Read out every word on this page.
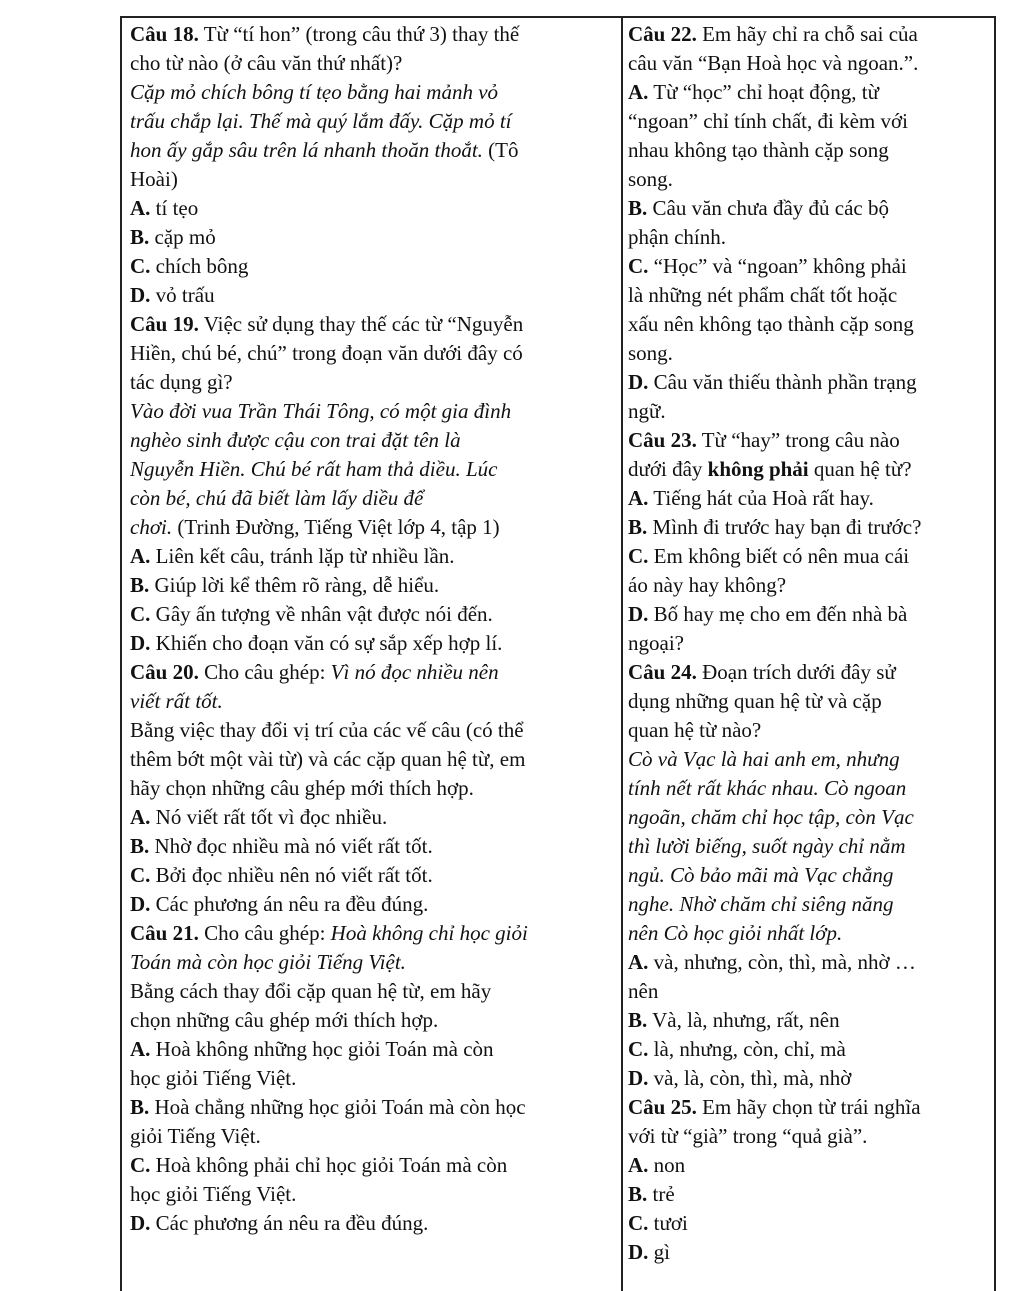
Câu 18. Từ “tí hon” (trong câu thứ 3) thay thế
cho từ nào (ở câu văn thứ nhất)?
Cặp mỏ chích bông tí tẹo bằng hai mảnh vỏ
trấu chắp lại. Thế mà quý lắm đấy. Cặp mỏ tí
hon ấy gắp sâu trên lá nhanh thoăn thoắt. (Tô
Hoài)
A. tí tẹo
B. cặp mỏ
C. chích bông
D. vỏ trấu
Câu 19. Việc sử dụng thay thế các từ “Nguyễn
Hiền, chú bé, chú” trong đoạn văn dưới đây có
tác dụng gì?
Vào đời vua Trần Thái Tông, có một gia đình
nghèo sinh được cậu con trai đặt tên là
Nguyễn Hiền. Chú bé rất ham thả diều. Lúc
còn bé, chú đã biết làm lấy diều để
chơi. (Trinh Đường, Tiếng Việt lớp 4, tập 1)
A. Liên kết câu, tránh lặp từ nhiều lần.
B. Giúp lời kể thêm rõ ràng, dễ hiểu.
C. Gây ấn tượng về nhân vật được nói đến.
D. Khiến cho đoạn văn có sự sắp xếp hợp lí.
Câu 20. Cho câu ghép: Vì nó đọc nhiều nên
viết rất tốt.
Bằng việc thay đổi vị trí của các vế câu (có thể
thêm bớt một vài từ) và các cặp quan hệ từ, em
hãy chọn những câu ghép mới thích hợp.
A. Nó viết rất tốt vì đọc nhiều.
B. Nhờ đọc nhiều mà nó viết rất tốt.
C. Bởi đọc nhiều nên nó viết rất tốt.
D. Các phương án nêu ra đều đúng.
Câu 21. Cho câu ghép: Hoà không chỉ học giỏi
Toán mà còn học giỏi Tiếng Việt.
Bằng cách thay đổi cặp quan hệ từ, em hãy
chọn những câu ghép mới thích hợp.
A. Hoà không những học giỏi Toán mà còn
học giỏi Tiếng Việt.
B. Hoà chẳng những học giỏi Toán mà còn học
giỏi Tiếng Việt.
C. Hoà không phải chỉ học giỏi Toán mà còn
học giỏi Tiếng Việt.
D. Các phương án nêu ra đều đúng.
Câu 22. Em hãy chỉ ra chỗ sai của
câu văn “Bạn Hoà học và ngoan.”.
A. Từ “học” chỉ hoạt động, từ
“ngoan” chỉ tính chất, đi kèm với
nhau không tạo thành cặp song
song.
B. Câu văn chưa đầy đủ các bộ
phận chính.
C. “Học” và “ngoan” không phải
là những nét phẩm chất tốt hoặc
xấu nên không tạo thành cặp song
song.
D. Câu văn thiếu thành phần trạng
ngữ.
Câu 23. Từ “hay” trong câu nào
dưới đây không phải quan hệ từ?
A. Tiếng hát của Hoà rất hay.
B. Mình đi trước hay bạn đi trước?
C. Em không biết có nên mua cái
áo này hay không?
D. Bố hay mẹ cho em đến nhà bà
ngoại?
Câu 24. Đoạn trích dưới đây sử
dụng những quan hệ từ và cặp
quan hệ từ nào?
Cò và Vạc là hai anh em, nhưng
tính nết rất khác nhau. Cò ngoan
ngoãn, chăm chỉ học tập, còn Vạc
thì lười biếng, suốt ngày chỉ nằm
ngủ. Cò bảo mãi mà Vạc chẳng
nghe. Nhờ chăm chỉ siêng năng
nên Cò học giỏi nhất lớp.
A. và, nhưng, còn, thì, mà, nhờ …
nên
B. Và, là, nhưng, rất, nên
C. là, nhưng, còn, chỉ, mà
D. và, là, còn, thì, mà, nhờ
Câu 25. Em hãy chọn từ trái nghĩa
với từ “già” trong “quả già”.
A. non
B. trẻ
C. tươi
D. gì
